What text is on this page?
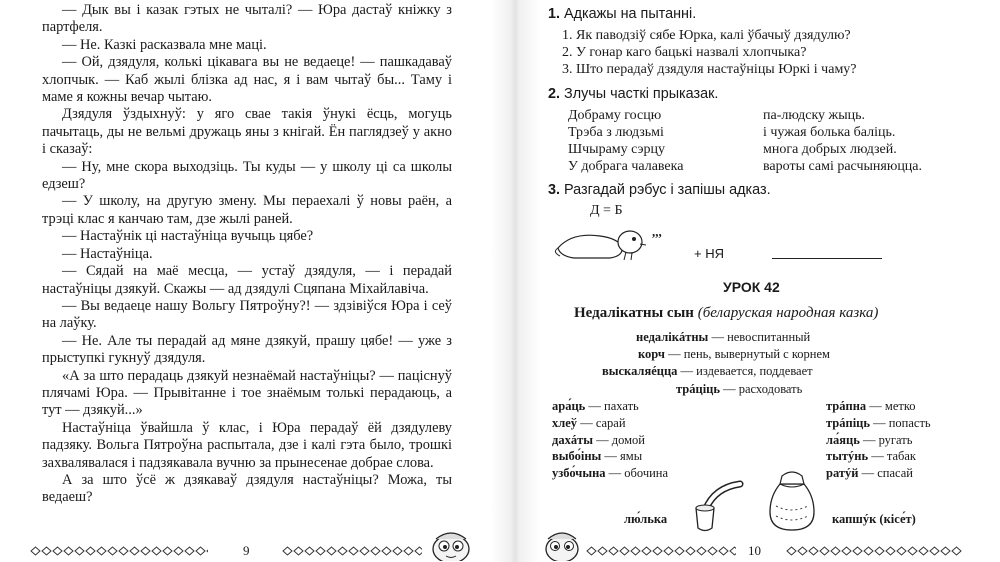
— Дык вы і казак гэтых не чыталі? — Юра дастаў кніжку з партфеля.

— Не. Казкі расказвала мне маці.

— Ой, дзядуля, колькі цікавага вы не ведаеце! — пашкадаваў хлопчык. — Каб жылі блізка ад нас, я і вам чытаў бы... Таму і маме я кожны вечар чытаю.

Дзядуля ўздыхнуў: у яго свае такія ўнукі ёсць, могуць пачытаць, ды не вельмі дружаць яны з кнігай. Ён паглядзеў у акно і сказаў:

— Ну, мне скора выходзіць. Ты куды — у школу ці са школы едзеш?

— У школу, на другую змену. Мы пераехалі ў новы раён, а трэці клас я канчаю там, дзе жылі раней.

— Настаўнік ці настаўніца вучыць цябе?

— Настаўніца.

— Сядай на маё месца, — устаў дзядуля, — і перадай настаўніцы дзякуй. Скажы — ад дзядулі Сцяпана Міхайлавіча.

— Вы ведаеце нашу Вольгу Пятроўну?! — здзівіўся Юра і сеў на лаўку.

— Не. Але ты перадай ад мяне дзякуй, прашу цябе! — уже з прыступкі гукнуў дзядуля.

«А за што перадаць дзякуй незнаёмай настаўніцы? — пацiснуў плячамі Юра. — Прывітанне і тое знаёмым толькі перадаюць, а тут — дзякуй...»

Настаўніца ўвайшла ў клас, і Юра перадаў ёй дзядулеву падзяку. Вольга Пятроўна распытала, дзе і калі гэта было, трошкі захвалявалася і падзякавала вучню за прынесенае добрае слова.

А за што ўсё ж дзякаваў дзядуля настаўніцы? Можа, ты ведаеш?

9
1. Адкажы на пытанні.
1. Як паводзіў сябе Юрка, калі ўбачыў дзядулю?
2. У гонар каго бацькі назвалі хлопчыка?
3. Што перадаў дзядуля настаўніцы Юркі і чаму?
2. Злучы часткі прыказак.
Добраму госцю	па-людску жыць.
Трэба з людзьмі	і чужая болька баліць.
Шчыраму сэрцу	многа добрых людзей.
У добрага чалавека	вароты самі расчыняюцца.
3. Разгадай рэбус і запішы адказ.
Д = Б
,,,
+ НЯ
УРОК 42
Недалікатны сын (беларуская народная казка)
недалікáтны — невоспитанный
корч — пень, вывернутый с корнем
выскаляéцца — издевается, поддевает
трáціць — расходовать
ара́ць — пахать
хлеў — сарай
дахáты — домой
выбо́іны — ямы
узбо́чына — обочина
трáпна — метко
трáпіць — попасть
ла́яць — ругать
тытýнь — табак
ратýй — спасай
лю́лька	капшýк (кісе́т)
10
